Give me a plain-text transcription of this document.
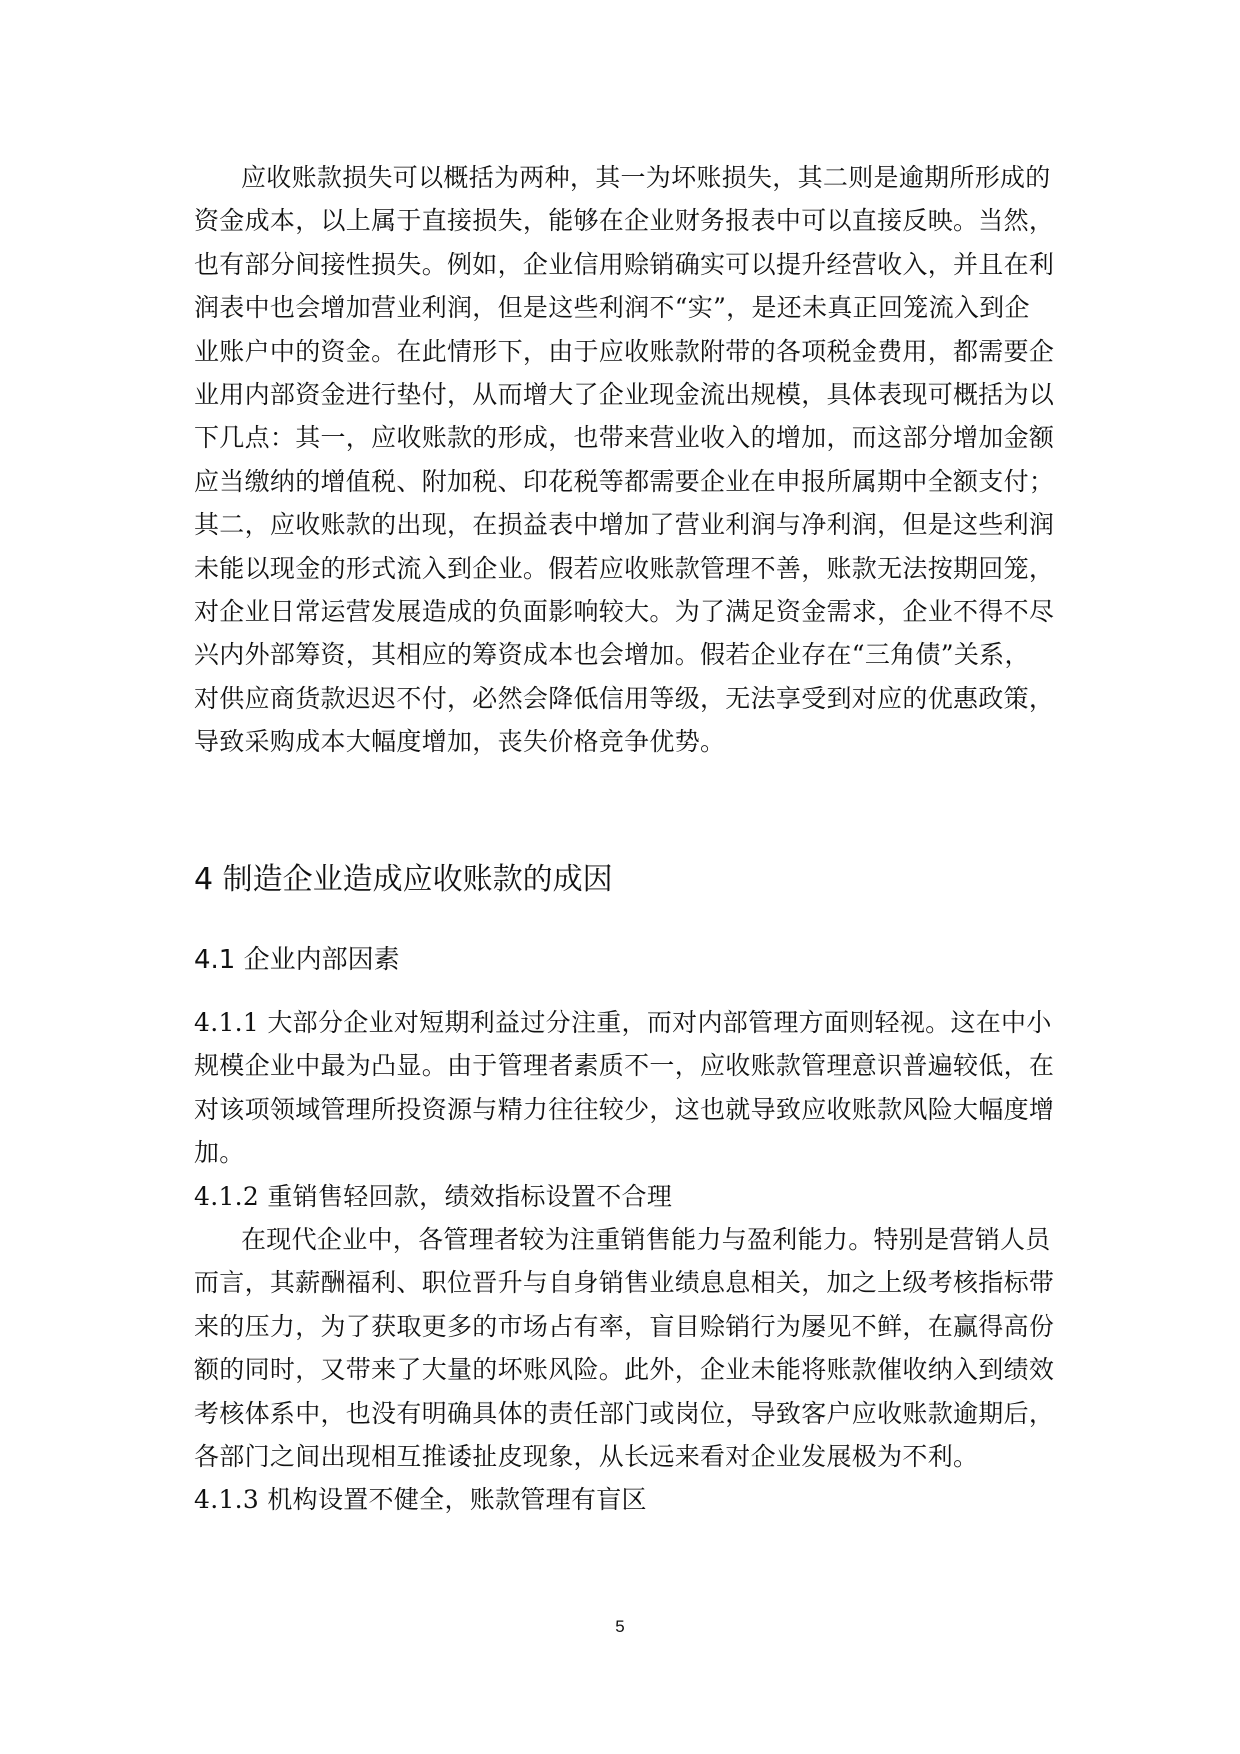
应收账款损失可以概括为两种，其一为坏账损失，其二则是逾期所形成的
资金成本，以上属于直接损失，能够在企业财务报表中可以直接反映。当然，
也有部分间接性损失。例如，企业信用赊销确实可以提升经营收入，并且在利
润表中也会增加营业利润，但是这些利润不“实”，是还未真正回笼流入到企
业账户中的资金。在此情形下，由于应收账款附带的各项税金费用，都需要企
业用内部资金进行垫付，从而增大了企业现金流出规模，具体表现可概括为以
下几点：其一，应收账款的形成，也带来营业收入的增加，而这部分增加金额
应当缴纳的增值税、附加税、印花税等都需要企业在申报所属期中全额支付；
其二，应收账款的出现，在损益表中增加了营业利润与净利润，但是这些利润
未能以现金的形式流入到企业。假若应收账款管理不善，账款无法按期回笼，
对企业日常运营发展造成的负面影响较大。为了满足资金需求，企业不得不尽
兴内外部筹资，其相应的筹资成本也会增加。假若企业存在“三角债”关系，
对供应商货款迟迟不付，必然会降低信用等级，无法享受到对应的优惠政策，
导致采购成本大幅度增加，丧失价格竞争优势。
4 制造企业造成应收账款的成因
4.1 企业内部因素
4.1.1 大部分企业对短期利益过分注重，而对内部管理方面则轻视。这在中小
规模企业中最为凸显。由于管理者素质不一，应收账款管理意识普遍较低，在
对该项领域管理所投资源与精力往往较少，这也就导致应收账款风险大幅度增
加。
4.1.2 重销售轻回款，绩效指标设置不合理
在现代企业中，各管理者较为注重销售能力与盈利能力。特别是营销人员
而言，其薪酬福利、职位晋升与自身销售业绩息息相关，加之上级考核指标带
来的压力，为了获取更多的市场占有率，盲目赊销行为屡见不鲜，在赢得高份
额的同时，又带来了大量的坏账风险。此外，企业未能将账款催收纳入到绩效
考核体系中，也没有明确具体的责任部门或岗位，导致客户应收账款逾期后，
各部门之间出现相互推诿扯皮现象，从长远来看对企业发展极为不利。
4.1.3 机构设置不健全，账款管理有盲区
5
